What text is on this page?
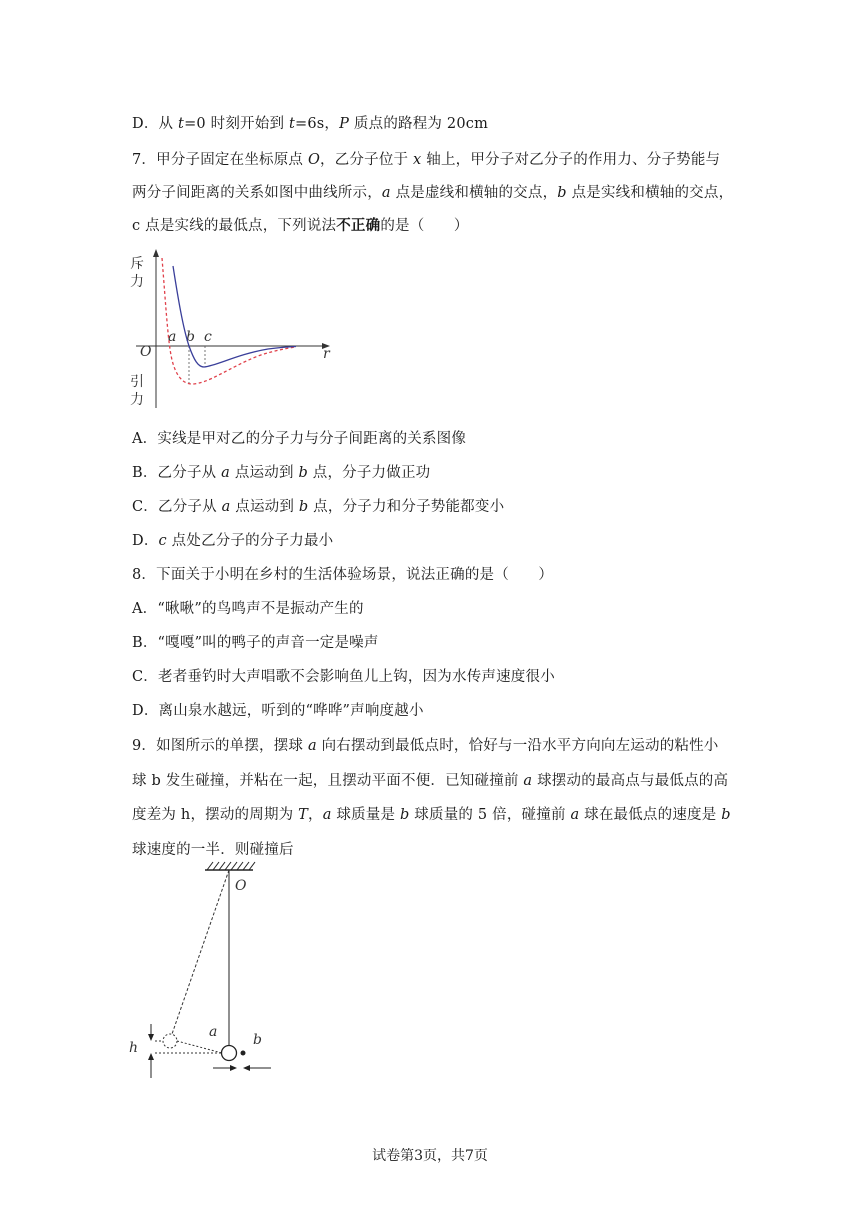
D．从 t=0 时刻开始到 t=6s，P 质点的路程为 20cm
7．甲分子固定在坐标原点 O，乙分子位于 x 轴上，甲分子对乙分子的作用力、分子势能与
两分子间距离的关系如图中曲线所示，a 点是虚线和横轴的交点，b 点是实线和横轴的交点，
c 点是实线的最低点，下列说法不正确的是（　　）
斥
力
引
力
O	r
a b c
A．实线是甲对乙的分子力与分子间距离的关系图像
B．乙分子从 a 点运动到 b 点，分子力做正功
C．乙分子从 a 点运动到 b 点，分子力和分子势能都变小
D．c 点处乙分子的分子力最小
8．下面关于小明在乡村的生活体验场景，说法正确的是（　　）
A．“啾啾”的鸟鸣声不是振动产生的
B．“嘎嘎”叫的鸭子的声音一定是噪声
C．老者垂钓时大声唱歌不会影响鱼儿上钩，因为水传声速度很小
D．离山泉水越远，听到的“哗哗”声响度越小
9．如图所示的单摆，摆球 a 向右摆动到最低点时，恰好与一沿水平方向向左运动的粘性小
球 b 发生碰撞，并粘在一起，且摆动平面不便．已知碰撞前 a 球摆动的最高点与最低点的高
度差为 h，摆动的周期为 T，a 球质量是 b 球质量的 5 倍，碰撞前 a 球在最低点的速度是 b
球速度的一半．则碰撞后
O
a	b
h
试卷第3页，共7页
